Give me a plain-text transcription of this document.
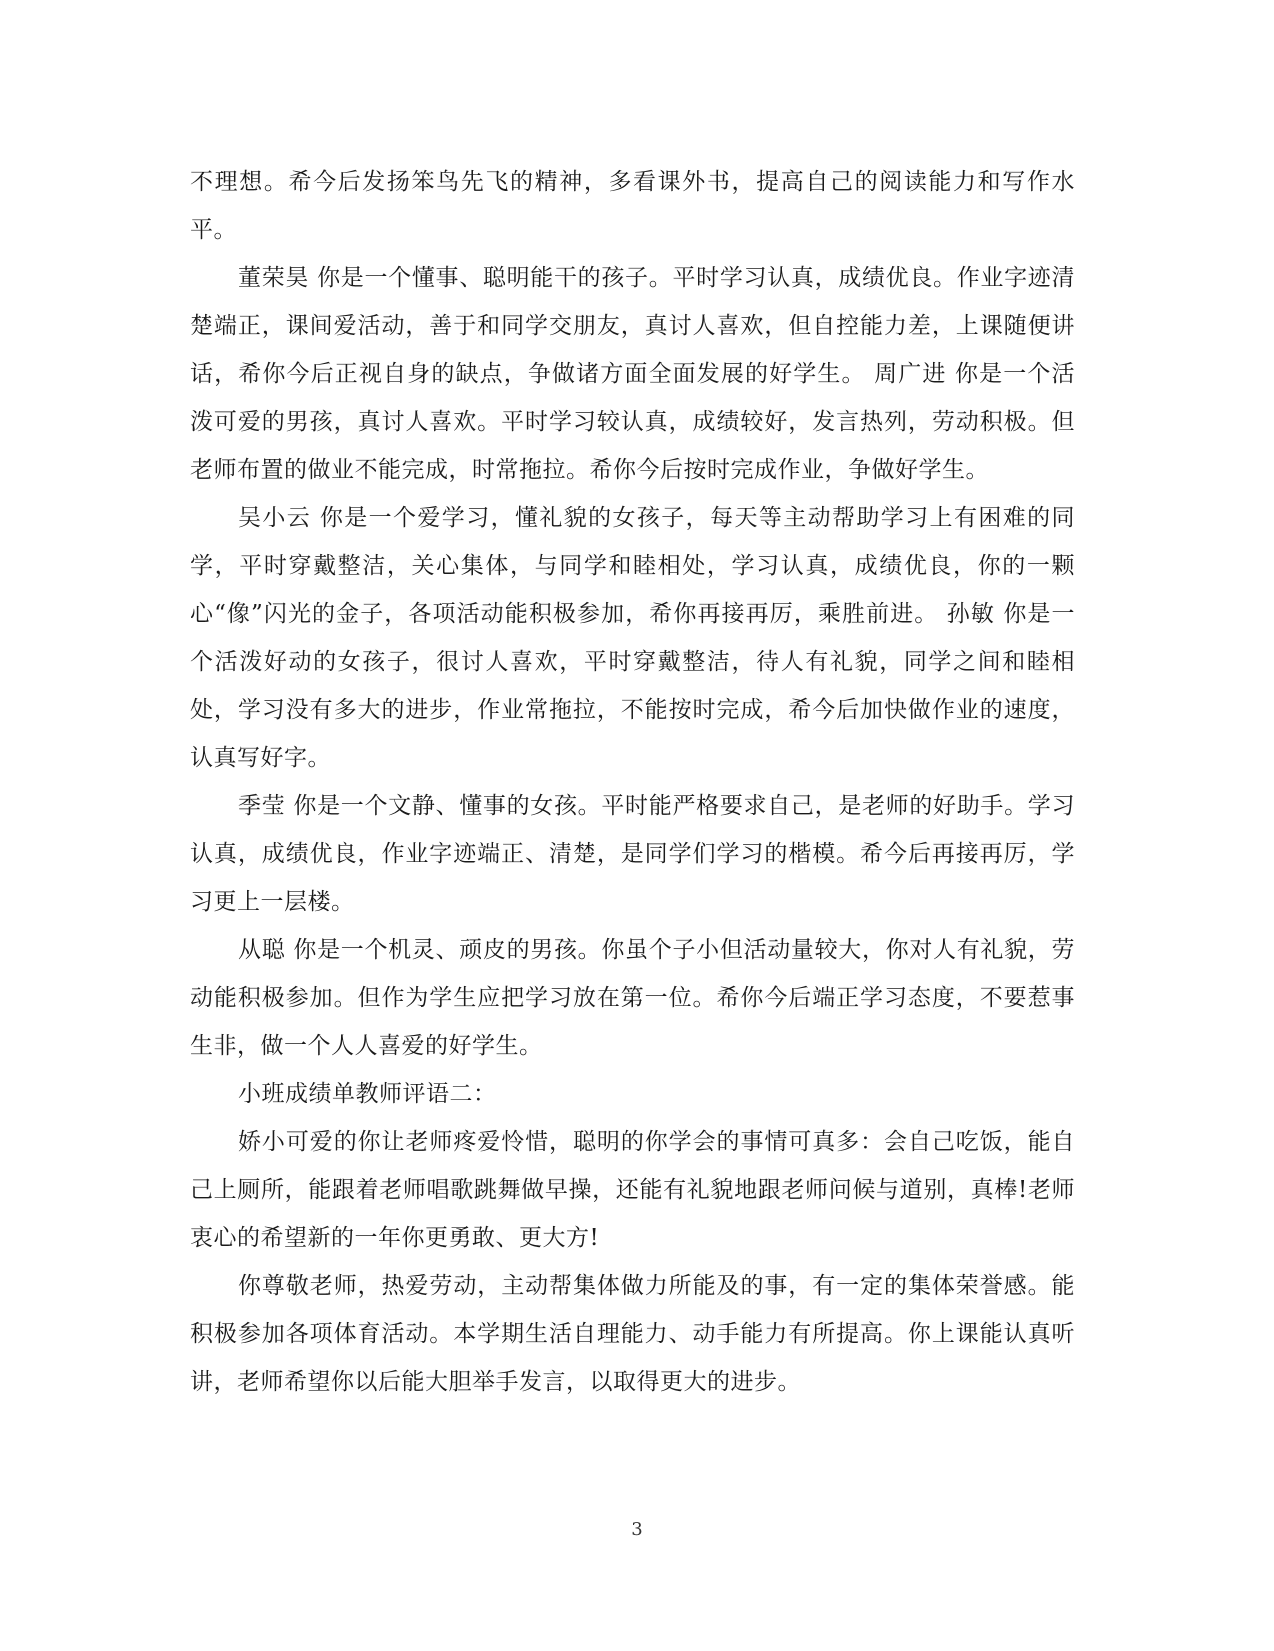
不理想。希今后发扬笨鸟先飞的精神，多看课外书，提高自己的阅读能力和写作水平。

董荣昊 你是一个懂事、聪明能干的孩子。平时学习认真，成绩优良。作业字迹清楚端正，课间爱活动，善于和同学交朋友，真讨人喜欢，但自控能力差，上课随便讲话，希你今后正视自身的缺点，争做诸方面全面发展的好学生。 周广进 你是一个活泼可爱的男孩，真讨人喜欢。平时学习较认真，成绩较好，发言热列，劳动积极。但老师布置的做业不能完成，时常拖拉。希你今后按时完成作业，争做好学生。

吴小云 你是一个爱学习，懂礼貌的女孩子，每天等主动帮助学习上有困难的同学，平时穿戴整洁，关心集体，与同学和睦相处，学习认真，成绩优良，你的一颗心“像”闪光的金子，各项活动能积极参加，希你再接再厉，乘胜前进。 孙敏 你是一个活泼好动的女孩子，很讨人喜欢，平时穿戴整洁，待人有礼貌，同学之间和睦相处，学习没有多大的进步，作业常拖拉，不能按时完成，希今后加快做作业的速度，认真写好字。

季莹 你是一个文静、懂事的女孩。平时能严格要求自己，是老师的好助手。学习认真，成绩优良，作业字迹端正、清楚，是同学们学习的楷模。希今后再接再厉，学习更上一层楼。

从聪 你是一个机灵、顽皮的男孩。你虽个子小但活动量较大，你对人有礼貌，劳动能积极参加。但作为学生应把学习放在第一位。希你今后端正学习态度，不要惹事生非，做一个人人喜爱的好学生。

小班成绩单教师评语二：

娇小可爱的你让老师疼爱怜惜，聪明的你学会的事情可真多：会自己吃饭，能自己上厕所，能跟着老师唱歌跳舞做早操，还能有礼貌地跟老师问候与道别，真棒!老师衷心的希望新的一年你更勇敢、更大方!

你尊敬老师，热爱劳动，主动帮集体做力所能及的事，有一定的集体荣誉感。能积极参加各项体育活动。本学期生活自理能力、动手能力有所提高。你上课能认真听讲，老师希望你以后能大胆举手发言，以取得更大的进步。

3
